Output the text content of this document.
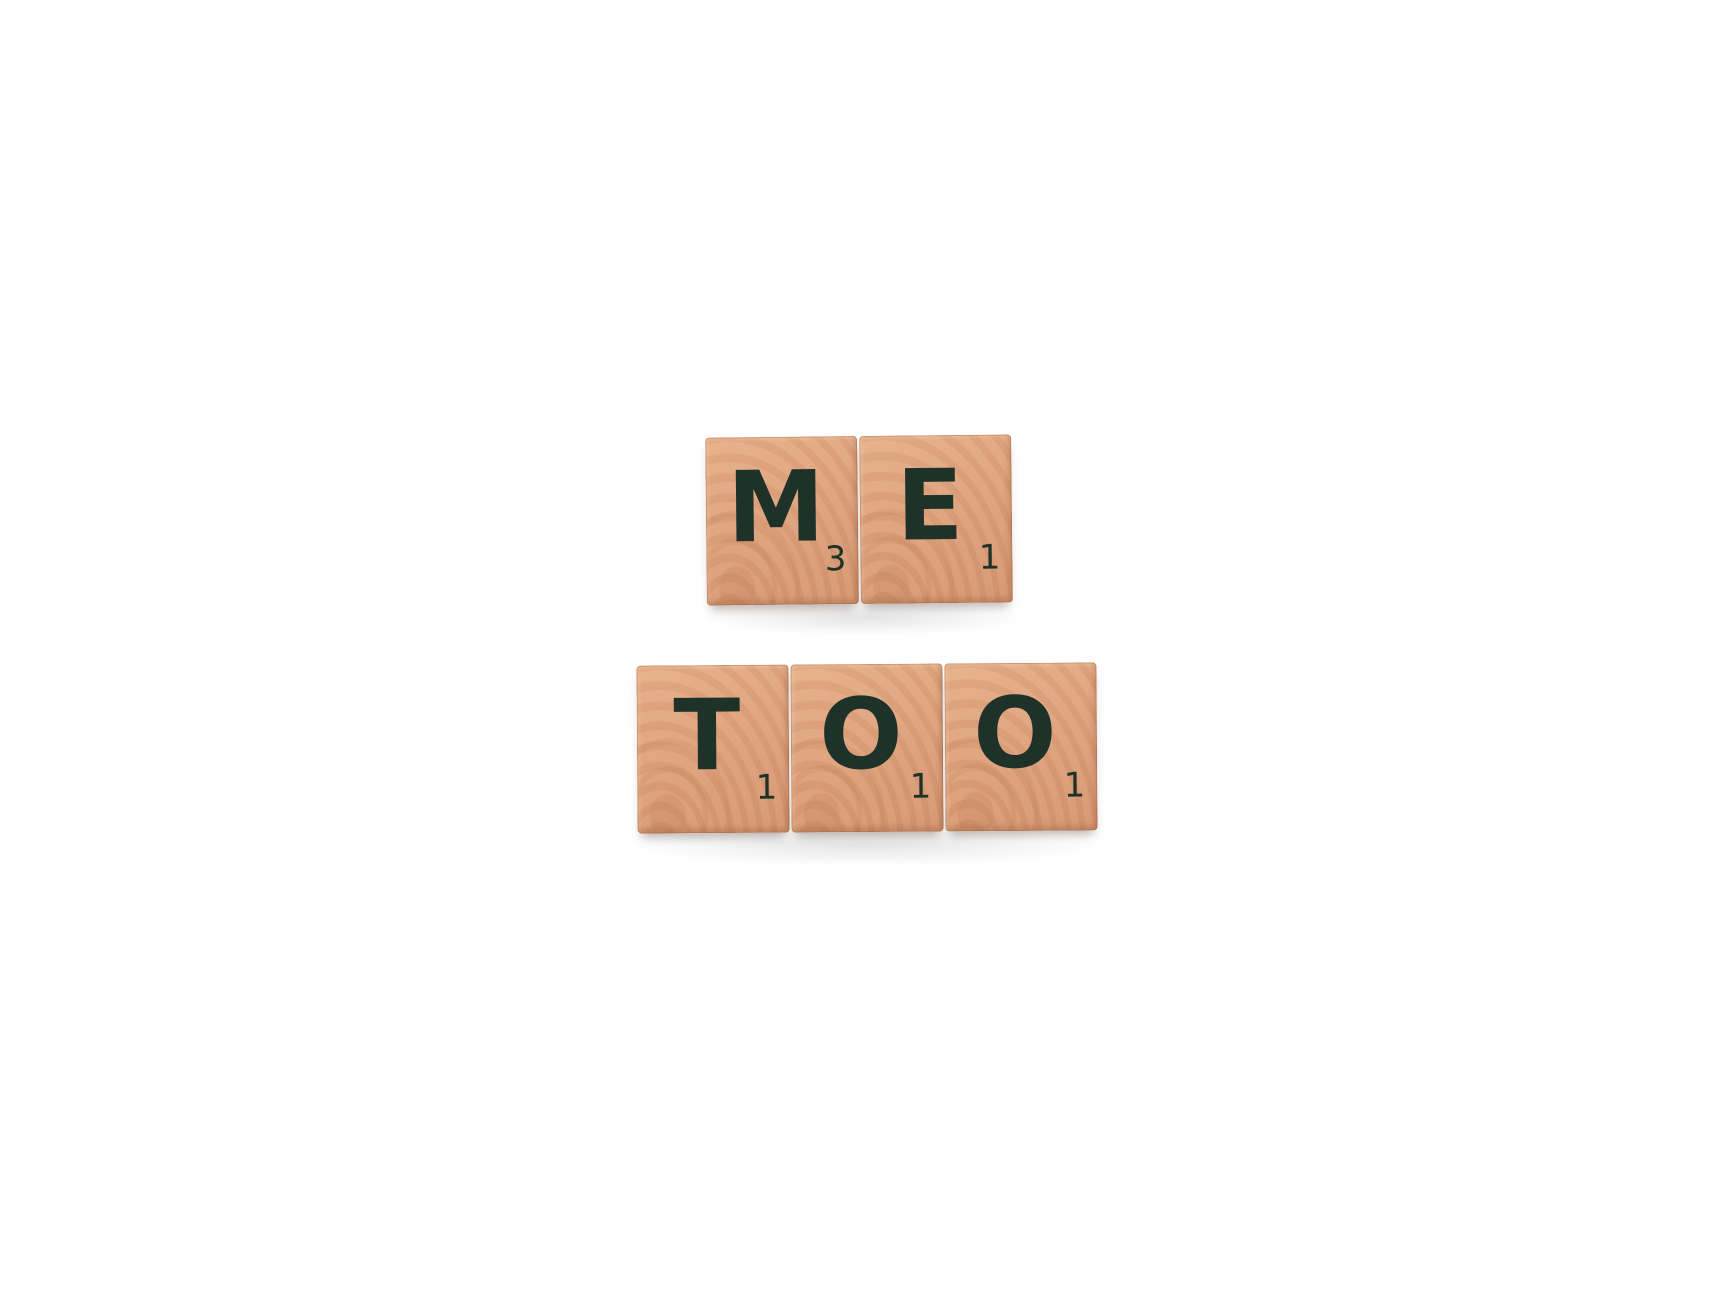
M 3 E 1
T 1 O 1 O 1
